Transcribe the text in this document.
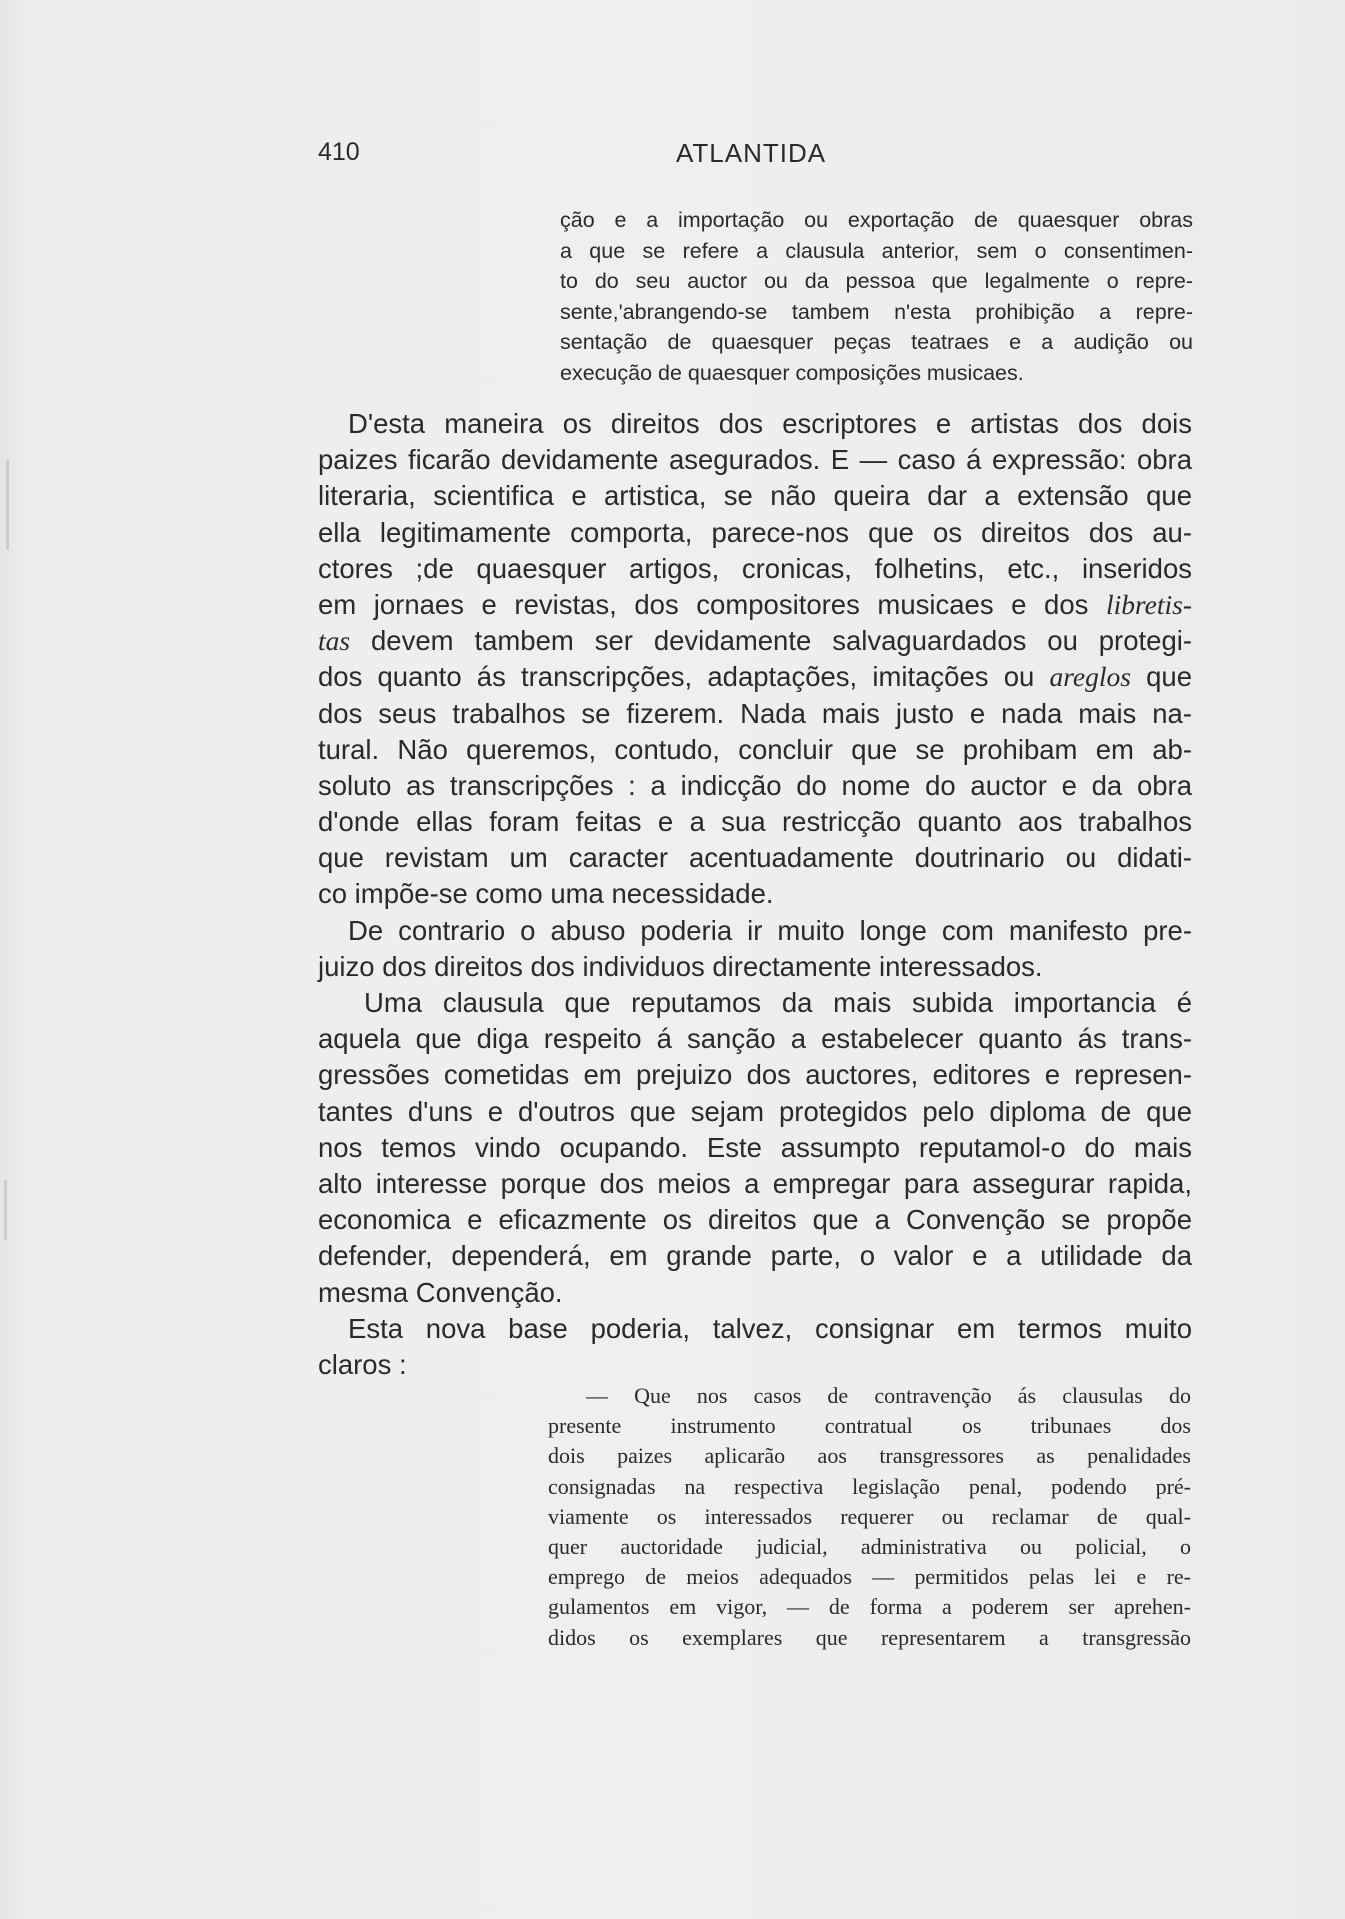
410	ATLANTIDA
ção e a importação ou exportação de quaesquer obras
a que se refere a clausula anterior, sem o consentimen-
to do seu auctor ou da pessoa que legalmente o repre-
sente,'abrangendo-se tambem n'esta prohibição a repre-
sentação de quaesquer peças teatraes e a audição ou
execução de quaesquer composições musicaes.
D'esta maneira os direitos dos escriptores e artistas dos dois
paizes ficarão devidamente asegurados. E — caso á expressão: obra
literaria, scientifica e artistica, se não queira dar a extensão que
ella legitimamente comporta, parece-nos que os direitos dos au-
ctores ;de quaesquer artigos, cronicas, folhetins, etc., inseridos
em jornaes e revistas, dos compositores musicaes e dos libretis-
tas devem tambem ser devidamente salvaguardados ou protegi-
dos quanto ás transcripções, adaptações, imitações ou areglos que
dos seus trabalhos se fizerem. Nada mais justo e nada mais na-
tural. Não queremos, contudo, concluir que se prohibam em ab-
soluto as transcripções : a indicção do nome do auctor e da obra
d'onde ellas foram feitas e a sua restricção quanto aos trabalhos
que revistam um caracter acentuadamente doutrinario ou didati-
co impõe-se como uma necessidade.
De contrario o abuso poderia ir muito longe com manifesto pre-
juizo dos direitos dos individuos directamente interessados.
Uma clausula que reputamos da mais subida importancia é
aquela que diga respeito á sanção a estabelecer quanto ás trans-
gressões cometidas em prejuizo dos auctores, editores e represen-
tantes d'uns e d'outros que sejam protegidos pelo diploma de que
nos temos vindo ocupando. Este assumpto reputamol-o do mais
alto interesse porque dos meios a empregar para assegurar rapida,
economica e eficazmente os direitos que a Convenção se propõe
defender, dependerá, em grande parte, o valor e a utilidade da
mesma Convenção.
Esta nova base poderia, talvez, consignar em termos muito
claros :
— Que nos casos de contravenção ás clausulas do
presente instrumento contratual os tribunaes dos
dois paizes aplicarão aos transgressores as penalidades
consignadas na respectiva legislação penal, podendo pré-
viamente os interessados requerer ou reclamar de qual-
quer auctoridade judicial, administrativa ou policial, o
emprego de meios adequados — permitidos pelas lei e re-
gulamentos em vigor, — de forma a poderem ser aprehen-
didos os exemplares que representarem a transgressão
